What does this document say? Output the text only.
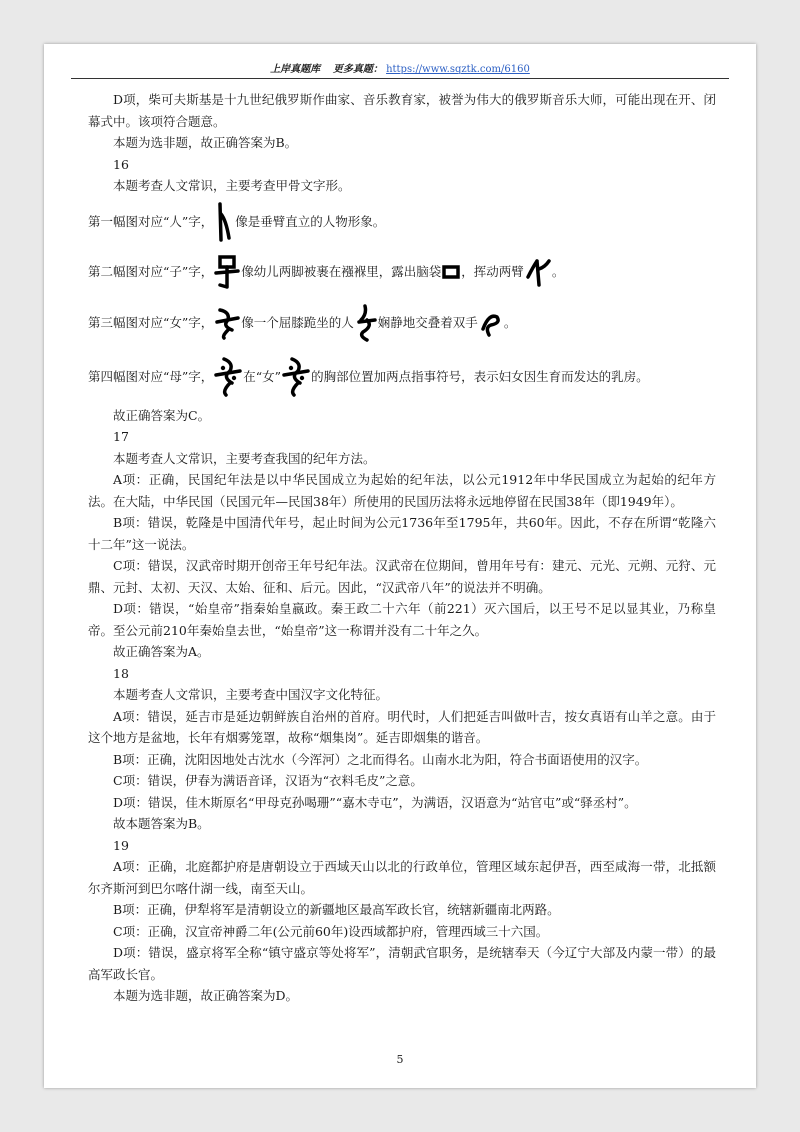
上岸真题库 更多真题： https://www.sqztk.com/6160

D项，柴可夫斯基是十九世纪俄罗斯作曲家、音乐教育家，被誉为伟大的俄罗斯音乐大师，可能出现在开、闭幕式中。该项符合题意。

本题为选非题，故正确答案为B。

16

本题考查人文常识，主要考查甲骨文字形。

第一幅图对应“人”字， 像是垂臂直立的人物形象。
第二幅图对应“子”字， 像幼儿两脚被裹在襁褓里，露出脑袋 ，挥动两臂 。
第三幅图对应“女”字， 像一个屈膝跪坐的人 娴静地交叠着双手 。
第四幅图对应“母”字， 在“女” 的胸部位置加两点指事符号，表示妇女因生育而发达的乳房。

故正确答案为C。

17

本题考查人文常识，主要考查我国的纪年方法。

A项：正确，民国纪年法是以中华民国成立为起始的纪年法，以公元1912年中华民国成立为起始的纪年方法。在大陆，中华民国（民国元年—民国38年）所使用的民国历法将永远地停留在民国38年（即1949年）。

B项：错误，乾隆是中国清代年号，起止时间为公元1736年至1795年，共60年。因此，不存在所谓“乾隆六十二年”这一说法。

C项：错误，汉武帝时期开创帝王年号纪年法。汉武帝在位期间，曾用年号有：建元、元光、元朔、元狩、元鼎、元封、太初、天汉、太始、征和、后元。因此，“汉武帝八年”的说法并不明确。

D项：错误，“始皇帝”指秦始皇嬴政。秦王政二十六年（前221）灭六国后，以王号不足以显其业，乃称皇帝。至公元前210年秦始皇去世，“始皇帝”这一称谓并没有二十年之久。

故正确答案为A。

18

本题考查人文常识，主要考查中国汉字文化特征。

A项：错误，延吉市是延边朝鲜族自治州的首府。明代时，人们把延吉叫做叶吉，按女真语有山羊之意。由于这个地方是盆地，长年有烟雾笼罩，故称“烟集岗”。延吉即烟集的谐音。

B项：正确，沈阳因地处古沈水（今浑河）之北而得名。山南水北为阳，符合书面语使用的汉字。

C项：错误，伊春为满语音译，汉语为“衣料毛皮”之意。

D项：错误，佳木斯原名“甲母克孙喝珊”“嘉木寺屯”，为满语，汉语意为“站官屯”或“驿丞村”。

故本题答案为B。

19

A项：正确，北庭都护府是唐朝设立于西域天山以北的行政单位，管理区域东起伊吾，西至咸海一带，北抵额尔齐斯河到巴尔喀什湖一线，南至天山。

B项：正确，伊犁将军是清朝设立的新疆地区最高军政长官，统辖新疆南北两路。

C项：正确，汉宣帝神爵二年(公元前60年)设西域都护府，管理西域三十六国。

D项：错误，盛京将军全称“镇守盛京等处将军”，清朝武官职务，是统辖奉天（今辽宁大部及内蒙一带）的最高军政长官。

本题为选非题，故正确答案为D。

5
